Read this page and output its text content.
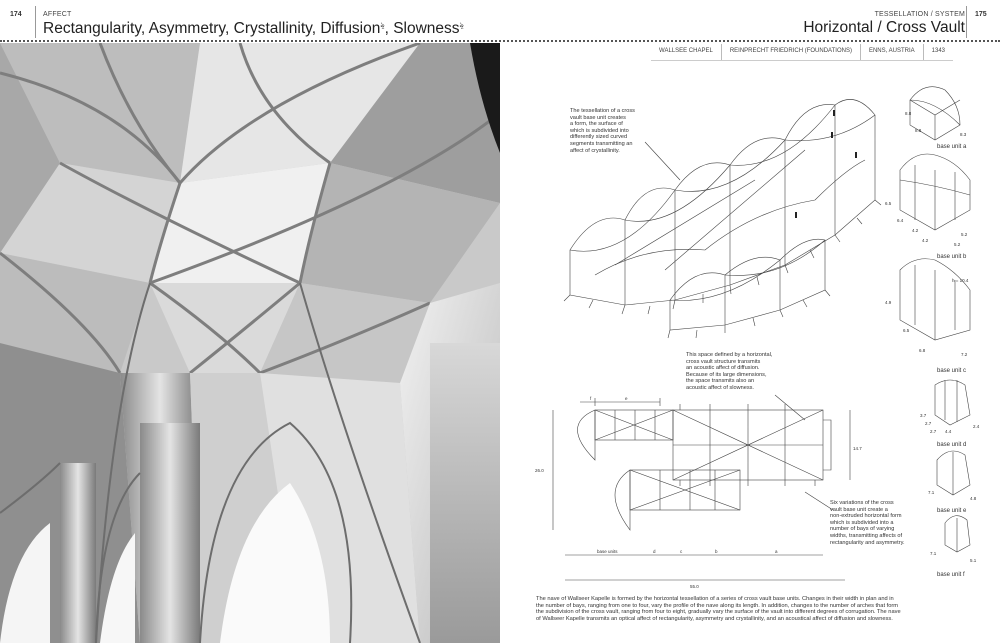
174	AFFECT
Rectangularity, Asymmetry, Crystallinity, Diffusion$^ৡ$, Slowness$^ৡ$
TESSELLATION / SYSTEM
Horizontal / Cross Vault
175
WALLSEE CHAPEL	REINPRECHT FRIEDRICH (FOUNDATIONS)	ENNS, AUSTRIA	1343
26.0
14.7
55.0
f	e
base units	d	c	b	a
8.8
8.8
8.3
6.5
6.4
4.2
4.2
5.2
5.2
4.9
6.5
6.8
7.2
h = 10.4
3.7
2.7
2.7 4.4
2.4
7.1
4.8
7.1
5.1
base unit a
base unit b
base unit c
base unit d
base unit e
base unit f
The tessellation of a cross
vault base unit creates
a form, the surface of
which is subdivided into
differently sized curved
segments transmitting an
affect of crystallinity.
This space defined by a horizontal,
cross vault structure transmits
an acoustic affect of diffusion.
Because of its large dimensions,
the space transmits also an
acoustic affect of slowness.
Six variations of the cross
vault base unit create a
non-extruded horizontal form
which is subdivided into a
number of bays of varying
widths, transmitting affects of
rectangularity and asymmetry.
The nave of Wallseer Kapelle is formed by the horizontal tessellation of a series of cross vault base units. Changes in their width in plan and in
the number of bays, ranging from one to four, vary the profile of the nave along its length. In addition, changes to the number of arches that form
the subdivision of the cross vault, ranging from four to eight, gradually vary the surface of the vault into different degrees of corrugation. The nave
of Wallseer Kapelle transmits an optical affect of rectangularity, asymmetry and crystallinity, and an acoustical affect of diffusion and slowness.
